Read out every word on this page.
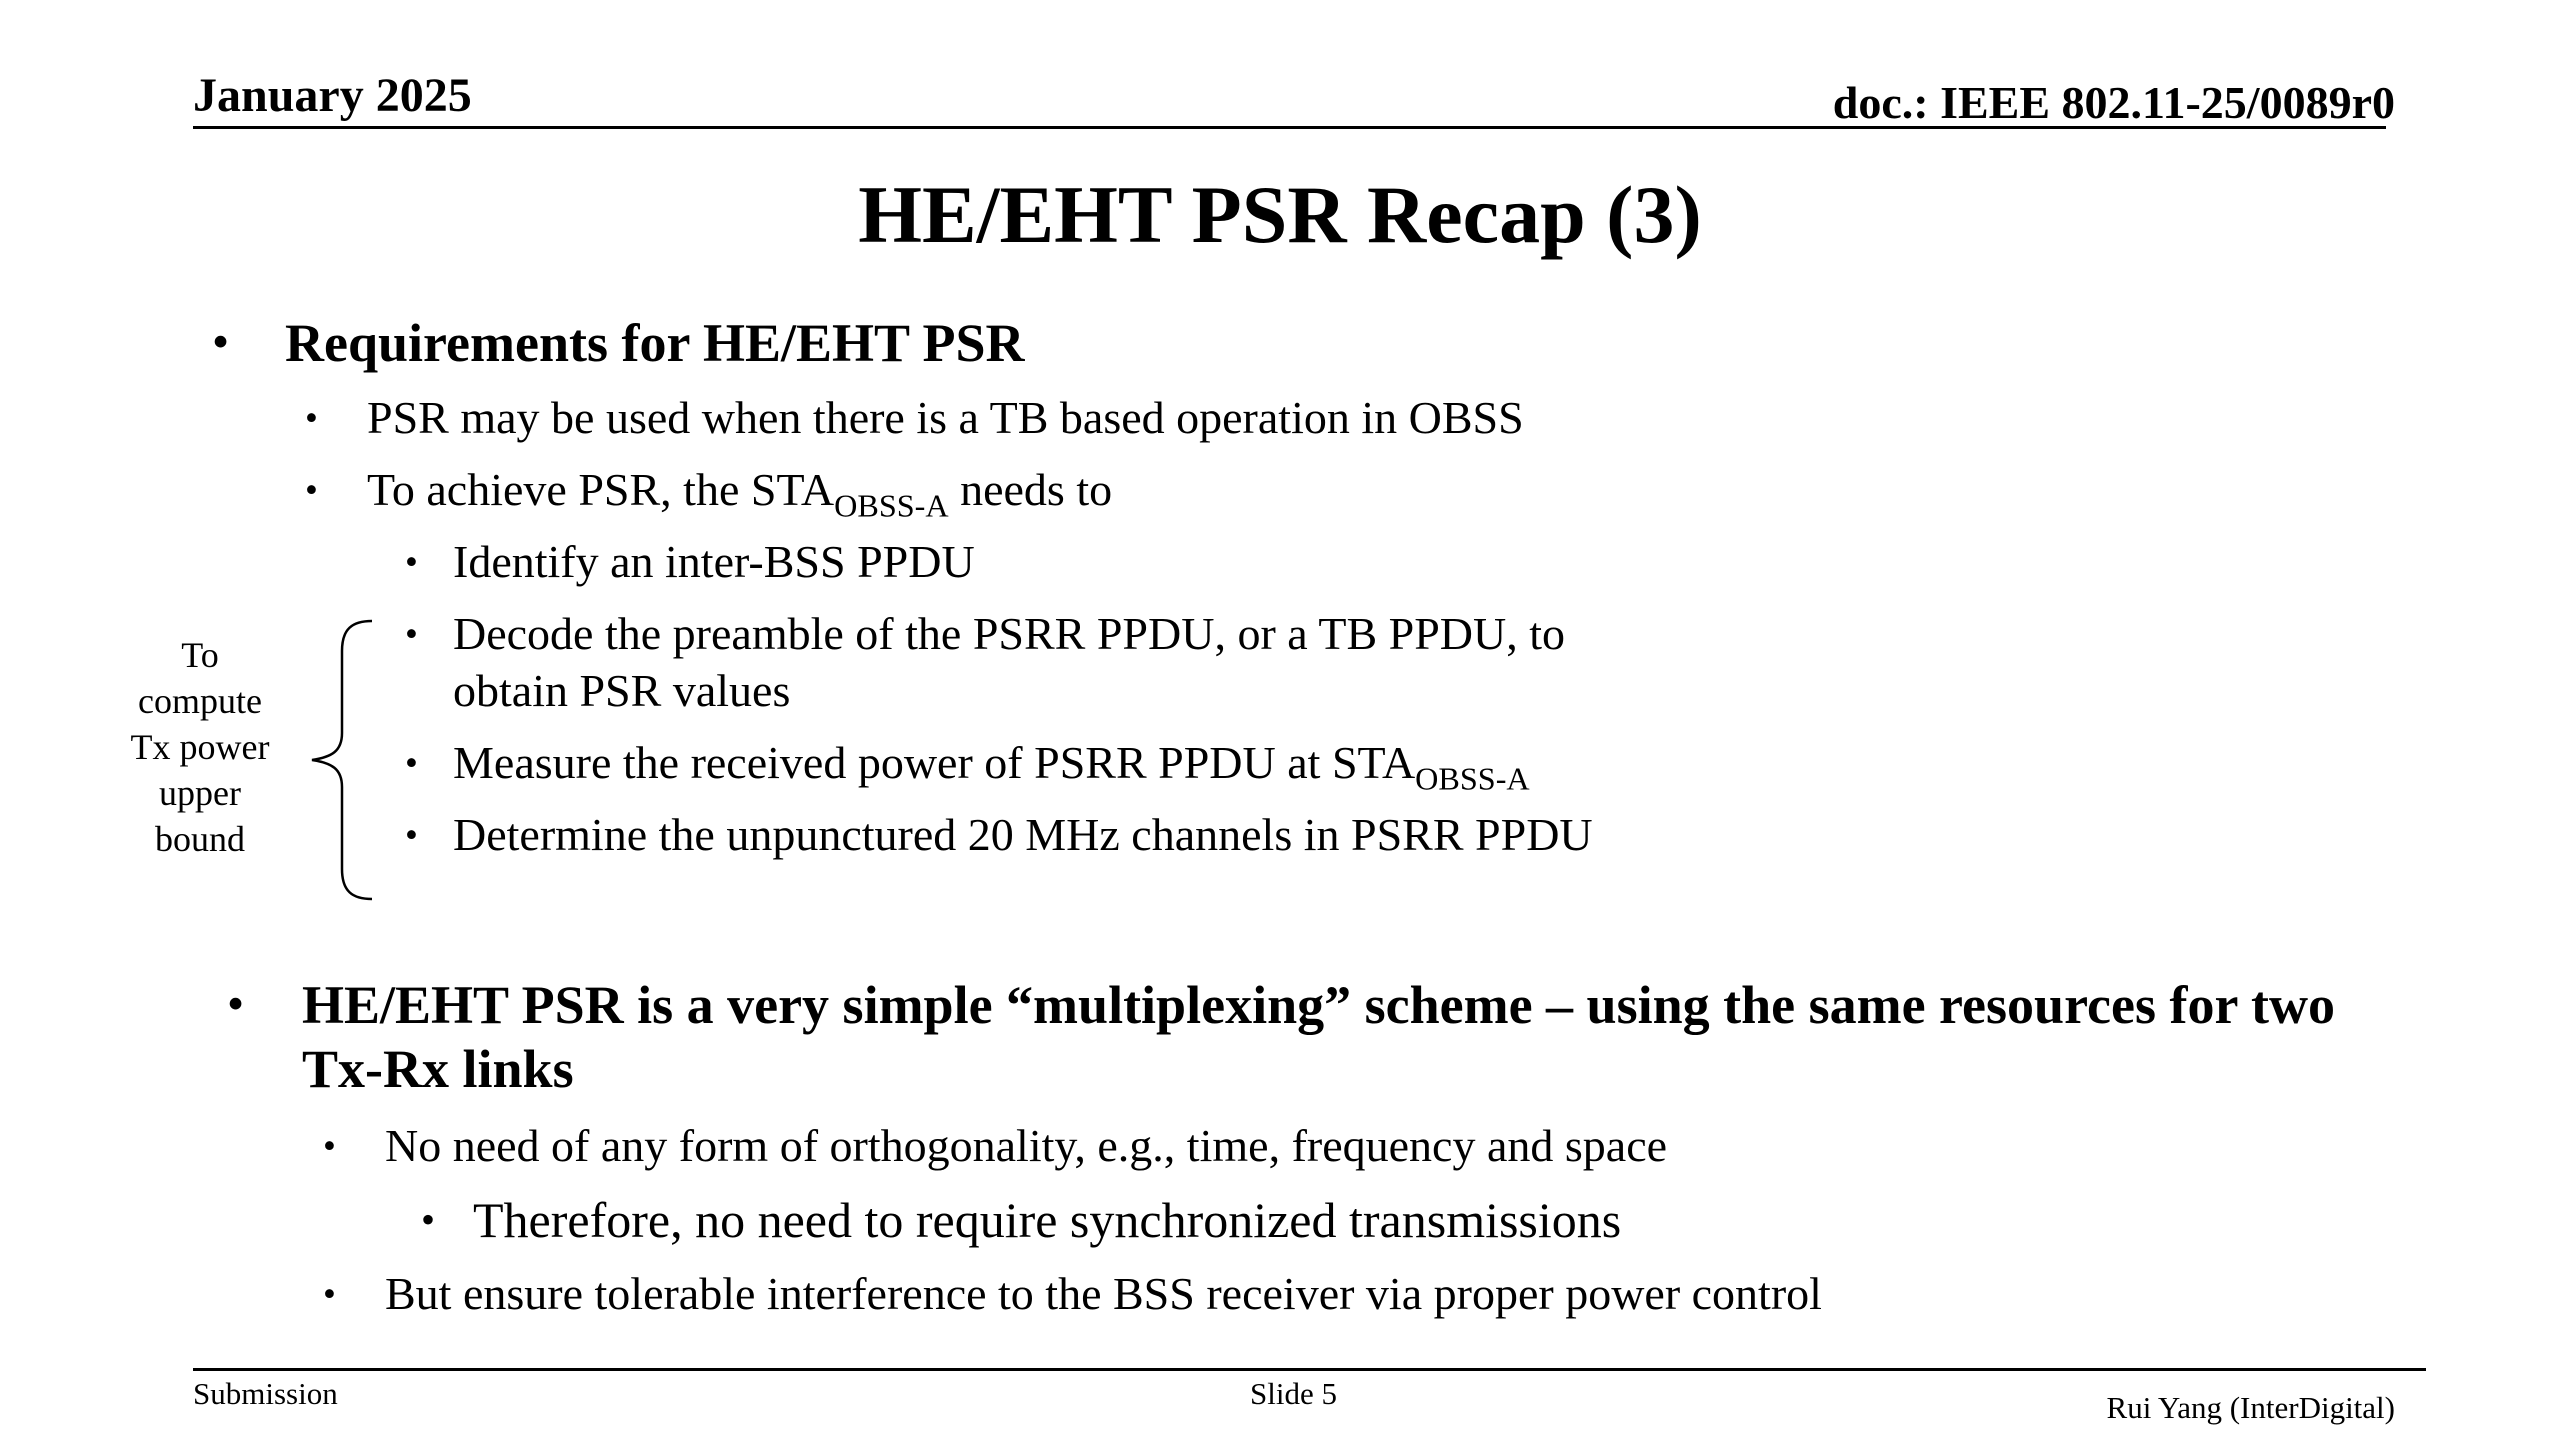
January 2025	doc.: IEEE 802.11-25/0089r0
HE/EHT PSR Recap (3)
• Requirements for HE/EHT PSR
• PSR may be used when there is a TB based operation in OBSS
• To achieve PSR, the $STA_{OBSS-A}$ needs to
• Identify an inter-BSS PPDU
• Decode the preamble of the PSRR PPDU, or a TB PPDU, to
obtain PSR values
• Measure the received power of PSRR PPDU at $STA_{OBSS-A}$
• Determine the unpunctured 20 MHz channels in PSRR PPDU
To compute Tx power upper bound
• HE/EHT PSR is a very simple “multiplexing” scheme – using the same resources for two
Tx-Rx links
• No need of any form of orthogonality, e.g., time, frequency and space
• Therefore, no need to require synchronized transmissions
• But ensure tolerable interference to the BSS receiver via proper power control
Submission	Slide 5	Rui Yang (InterDigital)
